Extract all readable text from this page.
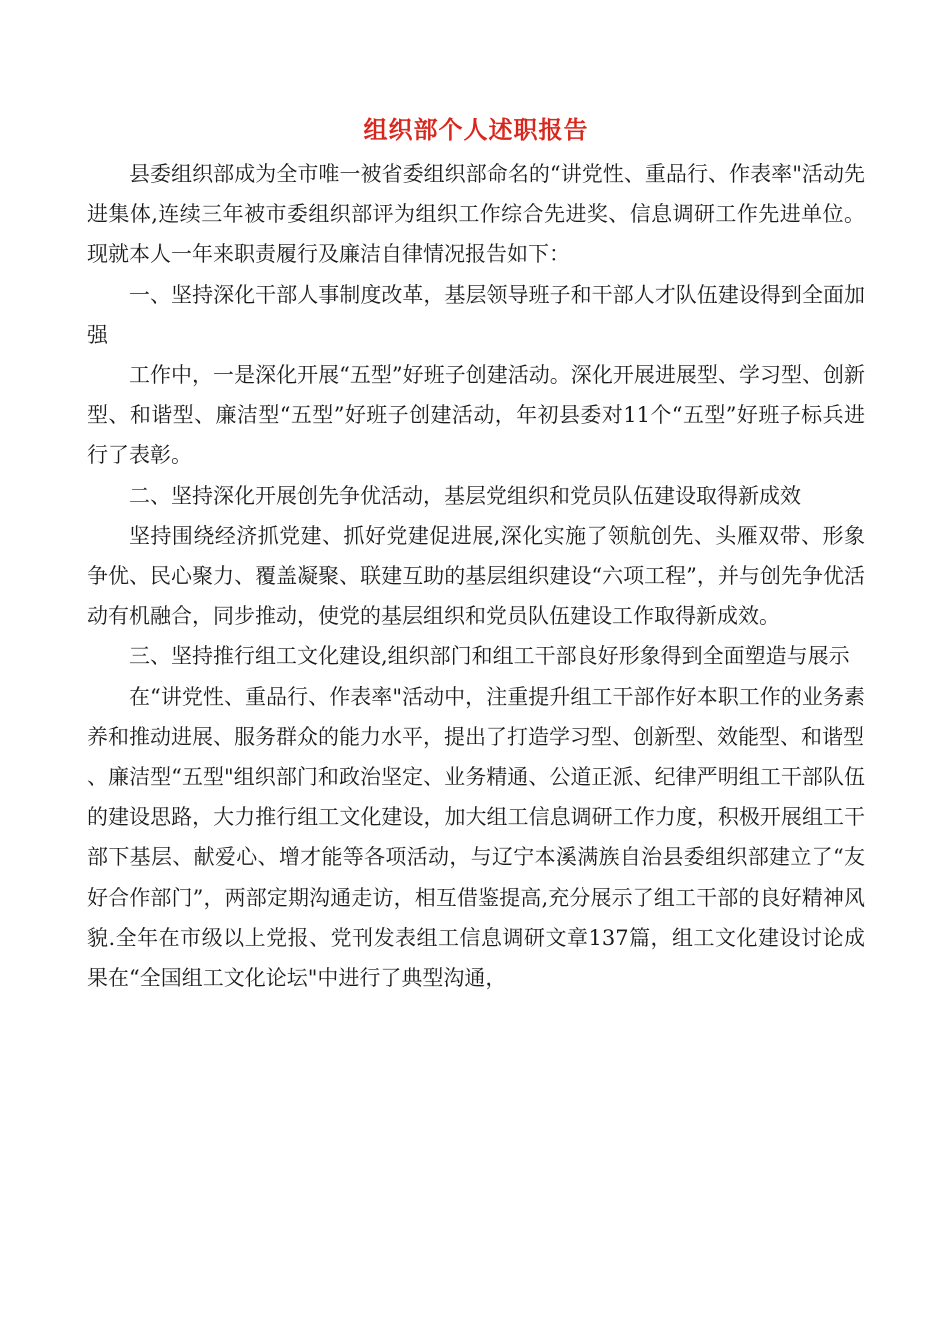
组织部个人述职报告

县委组织部成为全市唯一被省委组织部命名的“讲党性、重品行、作表率"活动先进集体,连续三年被市委组织部评为组织工作综合先进奖、信息调研工作先进单位。现就本人一年来职责履行及廉洁自律情况报告如下：

一、坚持深化干部人事制度改革，基层领导班子和干部人才队伍建设得到全面加强

工作中，一是深化开展“五型”好班子创建活动。深化开展进展型、学习型、创新型、和谐型、廉洁型“五型”好班子创建活动，年初县委对11个“五型”好班子标兵进行了表彰。

二、坚持深化开展创先争优活动，基层党组织和党员队伍建设取得新成效

坚持围绕经济抓党建、抓好党建促进展,深化实施了领航创先、头雁双带、形象争优、民心聚力、覆盖凝聚、联建互助的基层组织建设“六项工程”，并与创先争优活动有机融合，同步推动，使党的基层组织和党员队伍建设工作取得新成效。

三、坚持推行组工文化建设,组织部门和组工干部良好形象得到全面塑造与展示

在“讲党性、重品行、作表率"活动中，注重提升组工干部作好本职工作的业务素养和推动进展、服务群众的能力水平，提出了打造学习型、创新型、效能型、和谐型

、廉洁型“五型"组织部门和政治坚定、业务精通、公道正派、纪律严明组工干部队伍的建设思路，大力推行组工文化建设，加大组工信息调研工作力度，积极开展组工干部下基层、献爱心、增才能等各项活动，与辽宁本溪满族自治县委组织部建立了“友好合作部门”，两部定期沟通走访，相互借鉴提高,充分展示了组工干部的良好精神风貌.全年在市级以上党报、党刊发表组工信息调研文章137篇，组工文化建设讨论成果在“全国组工文化论坛"中进行了典型沟通，
